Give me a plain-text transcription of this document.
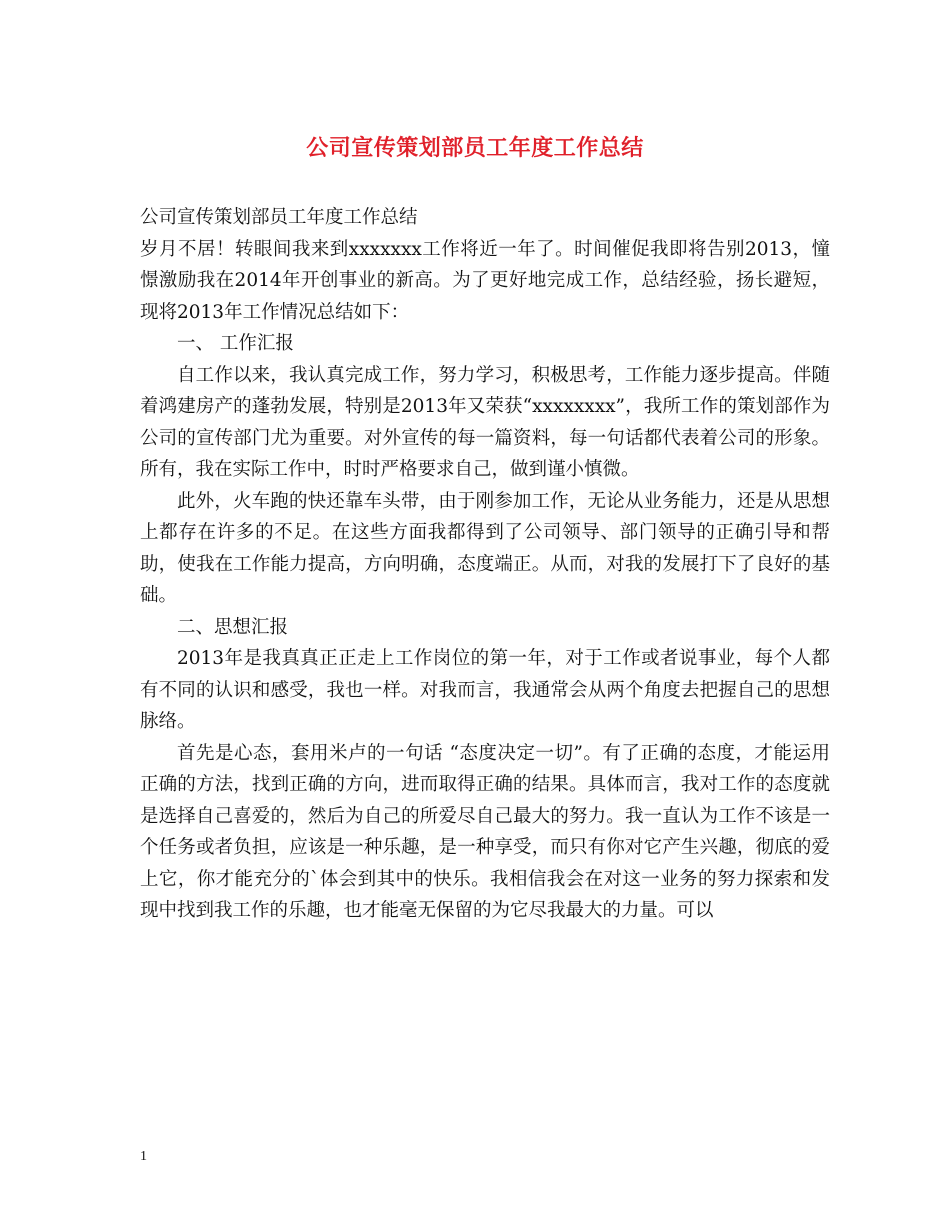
公司宣传策划部员工年度工作总结

公司宣传策划部员工年度工作总结

岁月不居！转眼间我来到xxxxxxx工作将近一年了。时间催促我即将告别2013，憧憬激励我在2014年开创事业的新高。为了更好地完成工作，总结经验，扬长避短，现将2013年工作情况总结如下：

一、 工作汇报

自工作以来，我认真完成工作，努力学习，积极思考，工作能力逐步提高。伴随着鸿建房产的蓬勃发展，特别是2013年又荣获“xxxxxxxx”，我所工作的策划部作为公司的宣传部门尤为重要。对外宣传的每一篇资料，每一句话都代表着公司的形象。所有，我在实际工作中，时时严格要求自己，做到谨小慎微。

此外，火车跑的快还靠车头带，由于刚参加工作，无论从业务能力，还是从思想上都存在许多的不足。在这些方面我都得到了公司领导、部门领导的正确引导和帮助，使我在工作能力提高，方向明确，态度端正。从而，对我的发展打下了良好的基础。

二、思想汇报

2013年是我真真正正走上工作岗位的第一年，对于工作或者说事业，每个人都有不同的认识和感受，我也一样。对我而言，我通常会从两个角度去把握自己的思想脉络。

首先是心态，套用米卢的一句话 “态度决定一切”。有了正确的态度，才能运用正确的方法，找到正确的方向，进而取得正确的结果。具体而言，我对工作的态度就是选择自己喜爱的，然后为自己的所爱尽自己最大的努力。我一直认为工作不该是一个任务或者负担，应该是一种乐趣，是一种享受，而只有你对它产生兴趣，彻底的爱上它，你才能充分的`体会到其中的快乐。我相信我会在对这一业务的努力探索和发现中找到我工作的乐趣，也才能毫无保留的为它尽我最大的力量。可以

1
